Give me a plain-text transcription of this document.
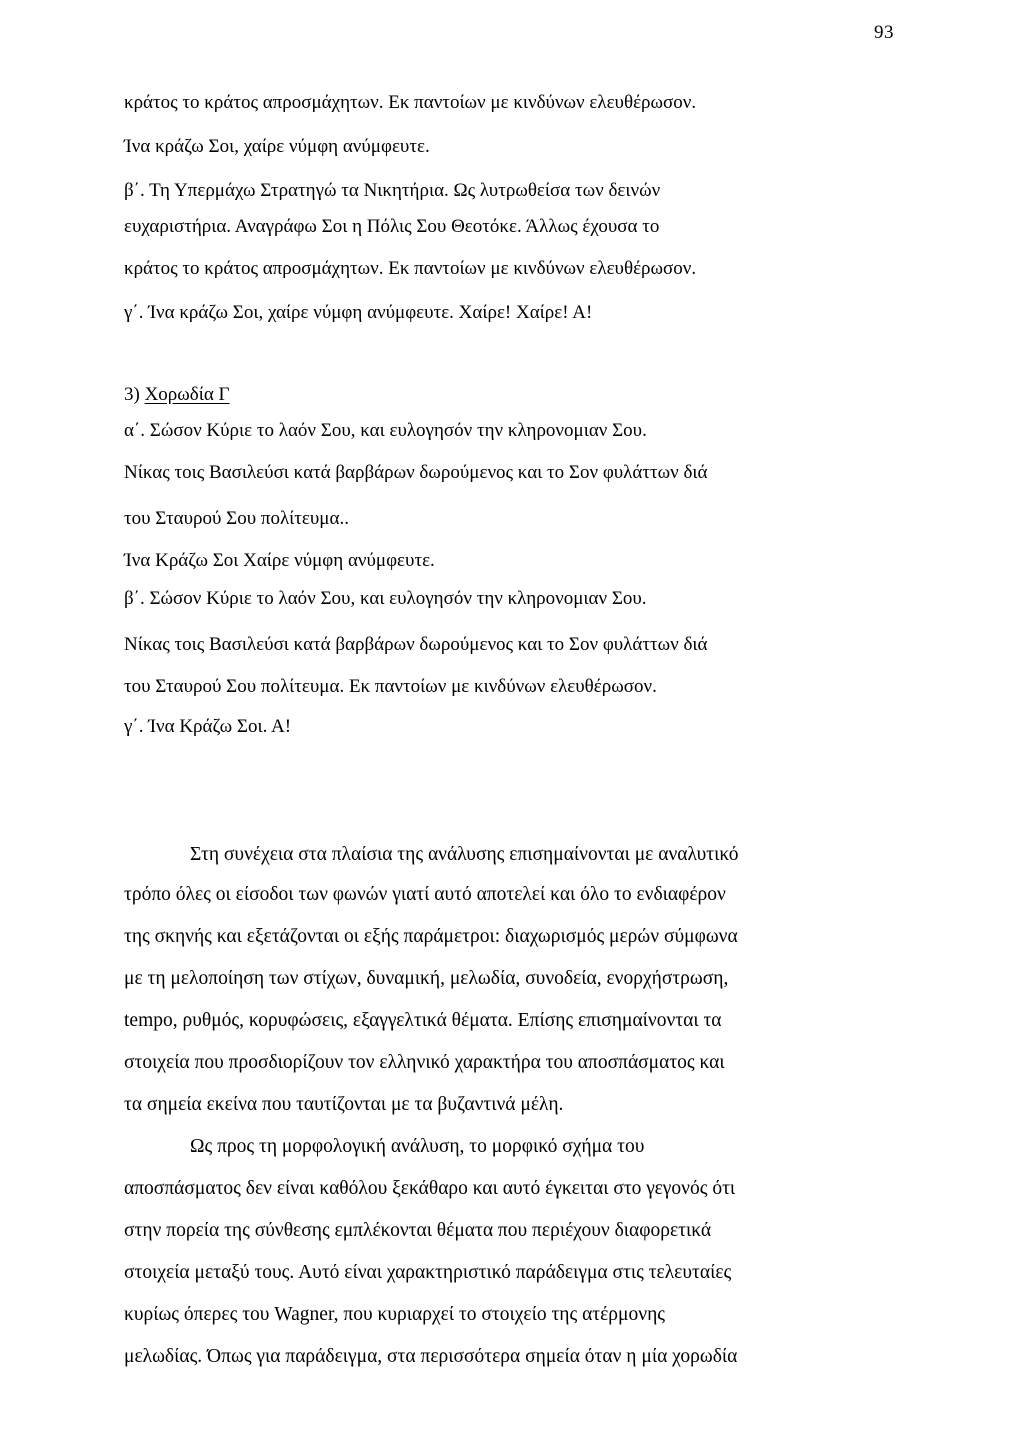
93
κράτος το κράτος απροσμάχητων. Εκ παντοίων με κινδύνων ελευθέρωσον.
Ίνα κράζω Σοι, χαίρε νύμφη ανύμφευτε.
β΄. Τη Υπερμάχω Στρατηγώ τα Νικητήρια. Ως λυτρωθείσα των δεινών
ευχαριστήρια. Αναγράφω Σοι η Πόλις Σου Θεοτόκε. Άλλως έχουσα το
κράτος το κράτος απροσμάχητων. Εκ παντοίων με κινδύνων ελευθέρωσον.
γ΄. Ίνα κράζω Σοι, χαίρε νύμφη ανύμφευτε. Χαίρε! Χαίρε! Α!
3) Χορωδία Γ
α΄. Σώσον Κύριε το λαόν Σου, και ευλογησόν την κληρονομιαν Σου.
Νίκας τοις Βασιλεύσι κατά βαρβάρων δωρούμενος και το Σον φυλάττων διά
του Σταυρού Σου πολίτευμα..
Ίνα Κράζω Σοι Χαίρε νύμφη ανύμφευτε.
β΄. Σώσον Κύριε το λαόν Σου, και ευλογησόν την κληρονομιαν Σου.
Νίκας τοις Βασιλεύσι κατά βαρβάρων δωρούμενος και το Σον φυλάττων διά
του Σταυρού Σου πολίτευμα. Εκ παντοίων με κινδύνων ελευθέρωσον.
γ΄. Ίνα Κράζω Σοι. Α!
Στη συνέχεια στα πλαίσια της ανάλυσης επισημαίνονται με αναλυτικό
τρόπο όλες οι είσοδοι των φωνών γιατί αυτό αποτελεί και όλο το ενδιαφέρον
της σκηνής και εξετάζονται οι εξής παράμετροι: διαχωρισμός μερών σύμφωνα
με τη μελοποίηση των στίχων, δυναμική, μελωδία, συνοδεία, ενορχήστρωση,
tempo, ρυθμός, κορυφώσεις, εξαγγελτικά θέματα. Επίσης επισημαίνονται τα
στοιχεία που προσδιορίζουν τον ελληνικό χαρακτήρα του αποσπάσματος και
τα σημεία εκείνα που ταυτίζονται με τα βυζαντινά μέλη.
Ως προς τη μορφολογική ανάλυση, το μορφικό σχήμα του
αποσπάσματος δεν είναι καθόλου ξεκάθαρο και αυτό έγκειται στο γεγονός ότι
στην πορεία της σύνθεσης εμπλέκονται θέματα που περιέχουν διαφορετικά
στοιχεία μεταξύ τους. Αυτό είναι χαρακτηριστικό παράδειγμα στις τελευταίες
κυρίως όπερες του Wagner, που κυριαρχεί το στοιχείο της ατέρμονης
μελωδίας. Όπως για παράδειγμα, στα περισσότερα σημεία όταν η μία χορωδία
